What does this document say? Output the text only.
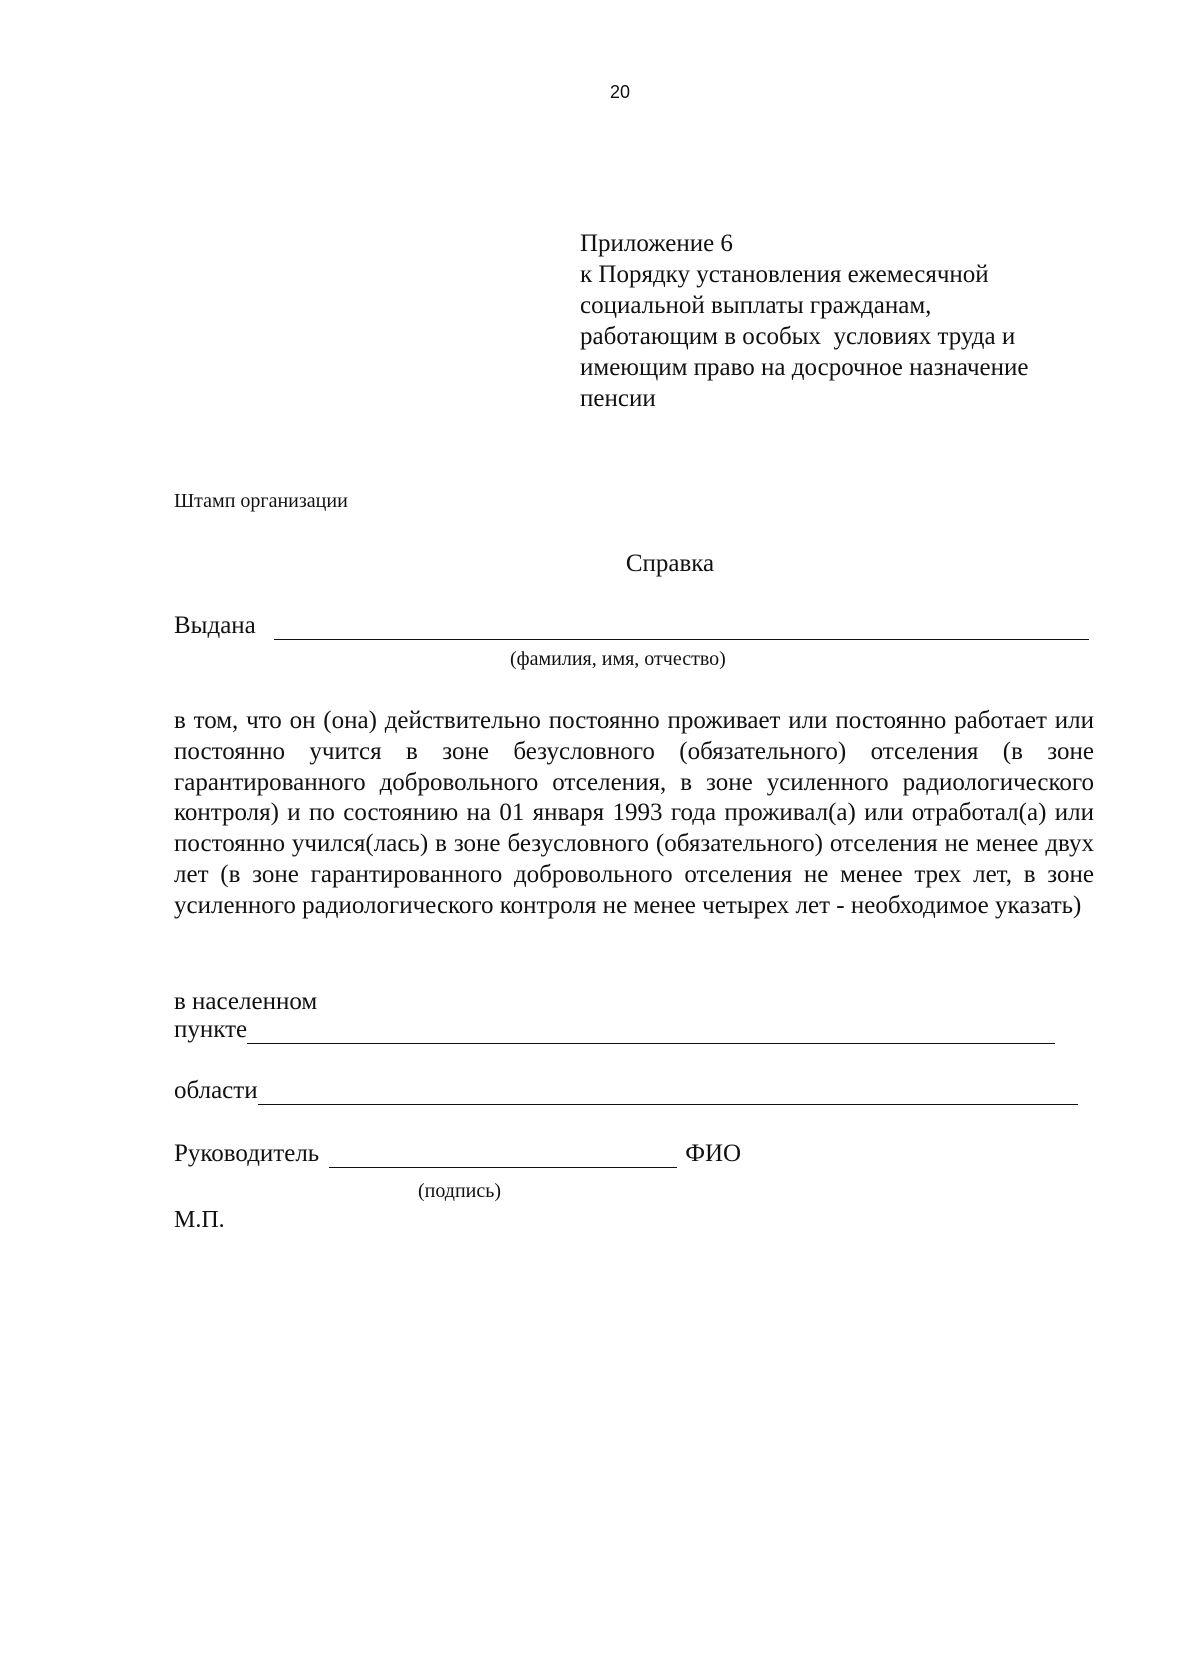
20
Приложение 6
к Порядку установления ежемесячной
социальной выплаты гражданам,
работающим в особых  условиях труда и
имеющим право на досрочное назначение
пенсии
Штамп организации
Справка
Выдана
(фамилия, имя, отчество)
в том, что он (она) действительно постоянно проживает или постоянно работает или постоянно учится в зоне безусловного (обязательного) отселения (в зоне гарантированного добровольного отселения, в зоне усиленного радиологического контроля) и по состоянию на 01 января 1993 года проживал(а) или отработал(а) или постоянно учился(лась) в зоне безусловного (обязательного) отселения не менее двух лет (в зоне гарантированного добровольного отселения не менее трех лет, в зоне усиленного радиологического контроля не менее четырех лет - необходимое указать)
в населенном
пункте
области
Руководитель	ФИО
(подпись)
М.П.
